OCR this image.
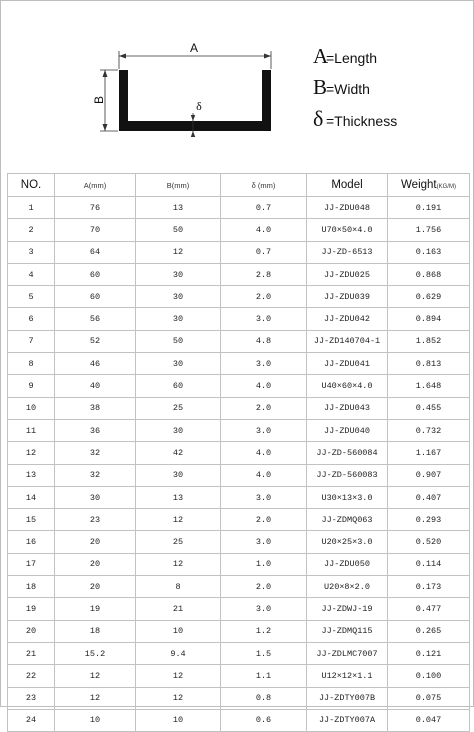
A
B	δ
A
=Length
B
=Width
δ =Thickness
NO.	A(mm)	B(mm)	δ (mm)	Model	Weight(KG/M)
1	76	13	0.7	JJ-ZDU048	0.191
2	70	50	4.0	U70×50×4.0	1.756
3	64	12	0.7	JJ-ZD-6513	0.163
4	60	30	2.8	JJ-ZDU025	0.868
5	60	30	2.0	JJ-ZDU039	0.629
6	56	30	3.0	JJ-ZDU042	0.894
7	52	50	4.8	JJ-ZD140704-1	1.852
8	46	30	3.0	JJ-ZDU041	0.813
9	40	60	4.0	U40×60×4.0	1.648
10	38	25	2.0	JJ-ZDU043	0.455
11	36	30	3.0	JJ-ZDU040	0.732
12	32	42	4.0	JJ-ZD-560084	1.167
13	32	30	4.0	JJ-ZD-560083	0.907
14	30	13	3.0	U30×13×3.0	0.407
15	23	12	2.0	JJ-ZDMQ063	0.293
16	20	25	3.0	U20×25×3.0	0.520
17	20	12	1.0	JJ-ZDU050	0.114
18	20	8	2.0	U20×8×2.0	0.173
19	19	21	3.0	JJ-ZDWJ-19	0.477
20	18	10	1.2	JJ-ZDMQ115	0.265
21	15.2	9.4	1.5	JJ-ZDLMC7007	0.121
22	12	12	1.1	U12×12×1.1	0.100
23	12	12	0.8	JJ-ZDTY007B	0.075
24	10	10	0.6	JJ-ZDTY007A	0.047
